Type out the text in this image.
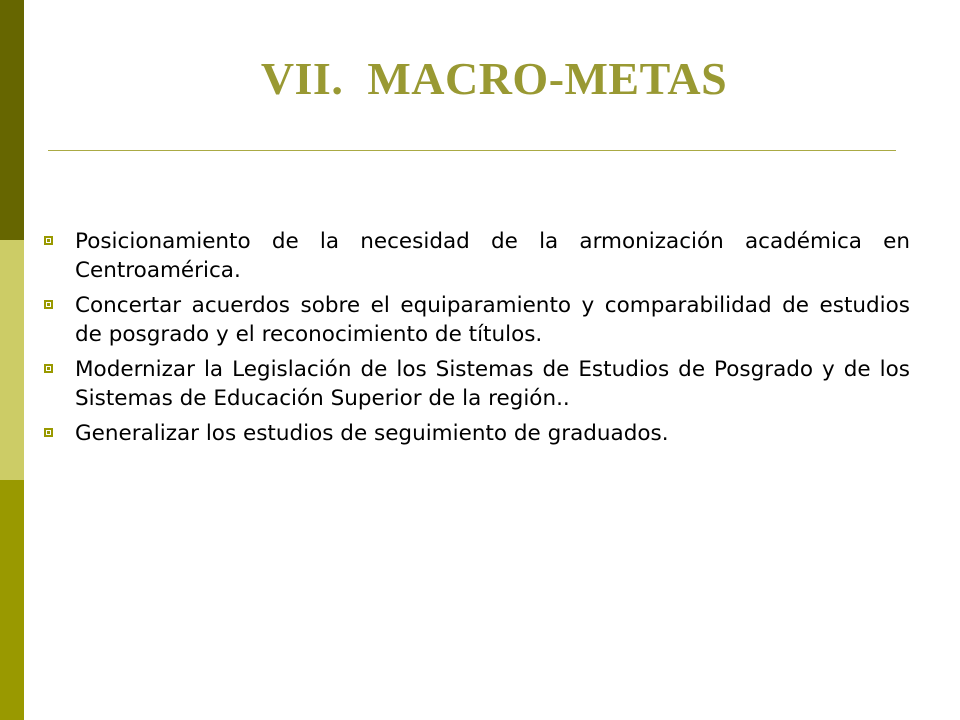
VII.  MACRO-METAS
Posicionamiento de la necesidad de la armonización académica en Centroamérica.
Concertar acuerdos sobre el equiparamiento y comparabilidad de estudios de posgrado y el reconocimiento de títulos.
Modernizar la Legislación de los Sistemas de Estudios de Posgrado y de los Sistemas de Educación Superior de la región..
Generalizar los estudios de seguimiento de graduados.
